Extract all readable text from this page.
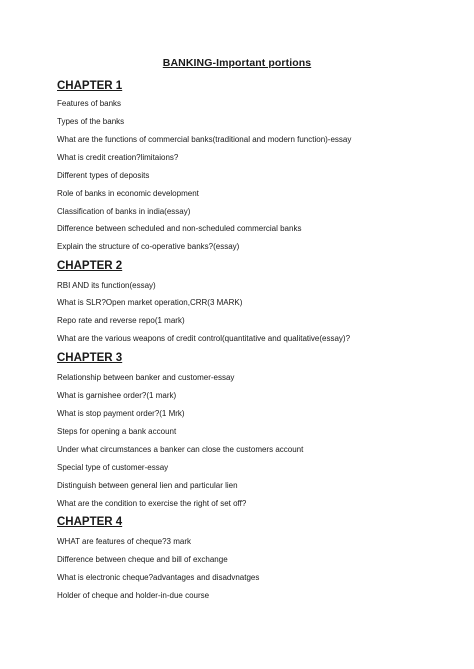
BANKING-Important portions
CHAPTER 1

Features of banks

Types of the banks

What are the functions of commercial banks(traditional and modern function)-essay

What is credit creation?limitaions?

Different types of deposits

Role of banks in economic development

Classification of banks in india(essay)

Difference between scheduled and non-scheduled commercial banks

Explain the structure of co-operative banks?(essay)

CHAPTER 2

RBI AND its function(essay)

What is SLR?Open market operation,CRR(3 MARK)

Repo rate and reverse repo(1 mark)

What are the various weapons of credit control(quantitative and qualitative(essay)?

CHAPTER 3

Relationship between banker and customer-essay

What is garnishee order?(1 mark)

What is stop payment order?(1 Mrk)

Steps for opening a bank account

Under what circumstances a banker can close the customers account

Special type of customer-essay

Distinguish between general lien and particular lien

What are the condition to exercise the right of set off?

CHAPTER 4

WHAT are features of cheque?3 mark

Difference between cheque and bill of exchange

What is electronic cheque?advantages and disadvnatges

Holder of cheque and holder-in-due course
